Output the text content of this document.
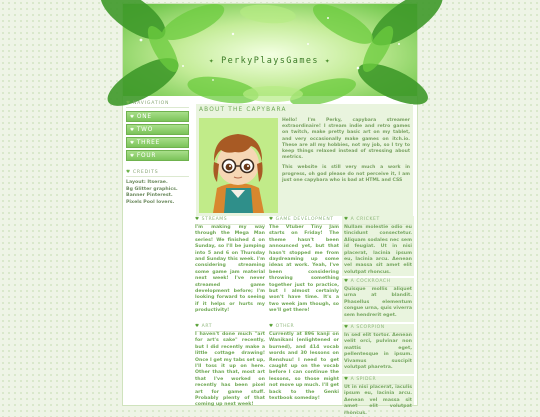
✦ PerkyPlaysGames ✦
♥ NAVIGATION
♥ ONE
♥ TWO
♥ THREE
♥ FOUR
♥ CREDITS
Layout: Itserae.
Bg Glitter graphics.
Banner Pinterest.
Pixels Pool lovers.
ABOUT THE CAPYBARA

Hello! I'm Perky, capybara streamer extraordinaire! I stream indie and retro games on twitch, make pretty basic art on my tablet, and very occasionally make games on itch.io. These are all my hobbies, not my job, so I try to keep things relaxed instead of stressing about metrics.

This website is still very much a work in progress, oh god please do not perceive it, I am just one capybara who is bad at HTML and CSS

♥ STREAMS
I'm making my way through the Mega Man series! We finished 4 on Sunday, so I'll be jumping into 5 and 6 on Thursday and Sunday this week. I'm considering streaming some game jam material next week! I've never streamed game development before; I'm looking forward to seeing if it helps or hurts my productivity!
♥ ART
I haven't done much "art for art's sake" recently, but I did recently make a little cottage drawing! Once I get my tabs set up, I'll toss it up on here. Other than that, most art that I've worked on recently has been pixel art for game stuff. Probably plenty of that coming up next week!
♥ GAME DEVELOPMENT
The Vtuber Tiny Jam starts on Friday! The theme hasn't been announced yet, but that hasn't stopped me from daydreaming up some ideas at work. Yeah, I've been considering throwing something together just to practice, but I almost certainly won't have time. It's a two week jam though, so we'll get there!
♥ OTHER
Currently at 896 kanji on Wanikani (enlightened or burned), and 414 vocab words and 30 lessons on Renshuu! I need to get caught up on the vocab before I can continue the lessons, so those might not move up much. I'll get back to the Genki textbook someday!
♥ A CRICKET
Nullam molestie odio eu tincidunt consectetur. Aliquam sodales nec sem id feugiat. Ut in nisi placerat, lacinia ipsum eu, lacinia arcu. Aenean vel massa sit amet elit volutpat rhoncus.
♥ A COCKROACH
Quisque mollis aliquet urna at blandit. Phasellus elementum congue urna, quis viverra sem hendrerit eget.
♥ A SCORPION
In sed elit tortor. Aenean velit orci, pulvinar non mattis eget, pellentesque in ipsum. Vivamus suscipit volutpat pharetra.
♥ A SPIDER
Ut in nisi placerat, iaculis ipsum eu, lacinia arcu. Aenean vel massa sit amet elit volutpat rhoncus.
